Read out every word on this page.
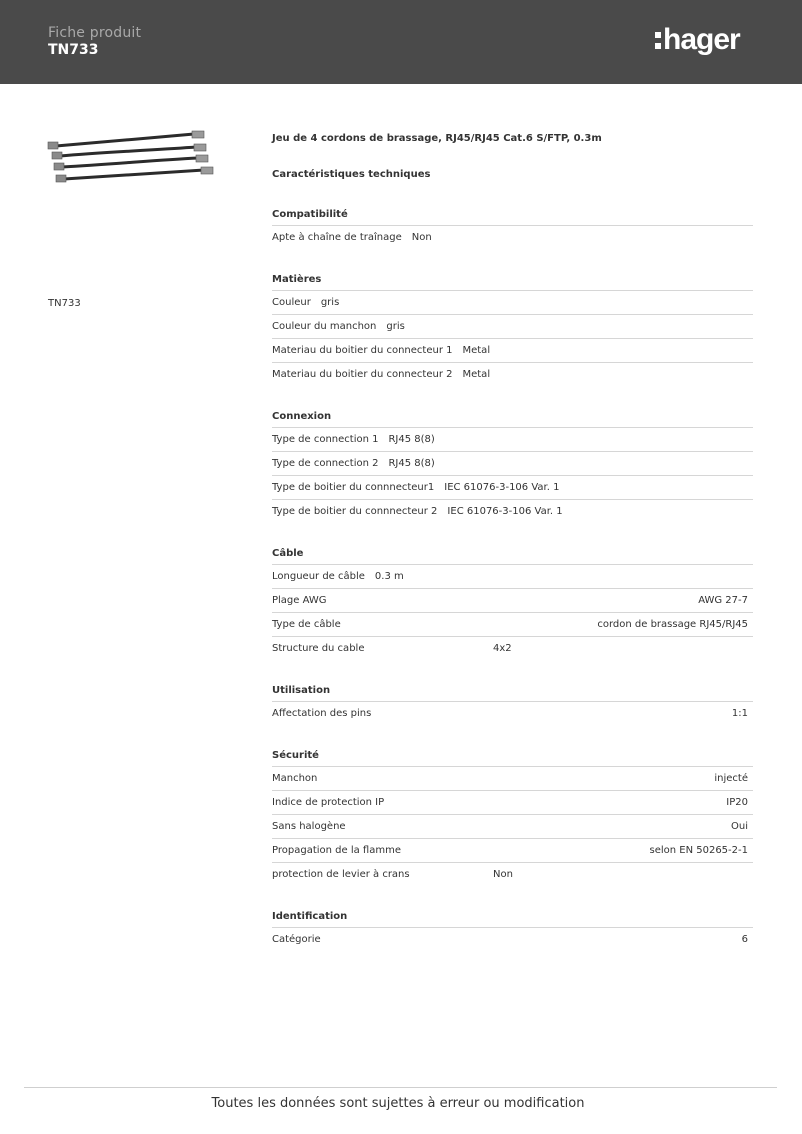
Fiche produit
TN733	hager
TN733
Jeu de 4 cordons de brassage, RJ45/RJ45 Cat.6 S/FTP, 0.3m
Caractéristiques techniques
Compatibilité
Apte à chaîne de traînage Non
Matières
Couleur gris
Couleur du manchon gris
Materiau du boitier du connecteur 1 Metal
Materiau du boitier du connecteur 2 Metal
Connexion
Type de connection 1 RJ45 8(8)
Type de connection 2 RJ45 8(8)
Type de boitier du connnecteur1 IEC 61076-3-106 Var. 1
Type de boitier du connnecteur 2 IEC 61076-3-106 Var. 1
Câble
Longueur de câble 0.3 m
Plage AWG	AWG 27-7
Type de câble	cordon de brassage RJ45/RJ45
Structure du cable	4x2
Utilisation
Affectation des pins	1:1
Sécurité
Manchon	injecté
Indice de protection IP	IP20
Sans halogène	Oui
Propagation de la flamme	selon EN 50265-2-1
protection de levier à crans	Non
Identification
Catégorie	6
Toutes les données sont sujettes à erreur ou modification
